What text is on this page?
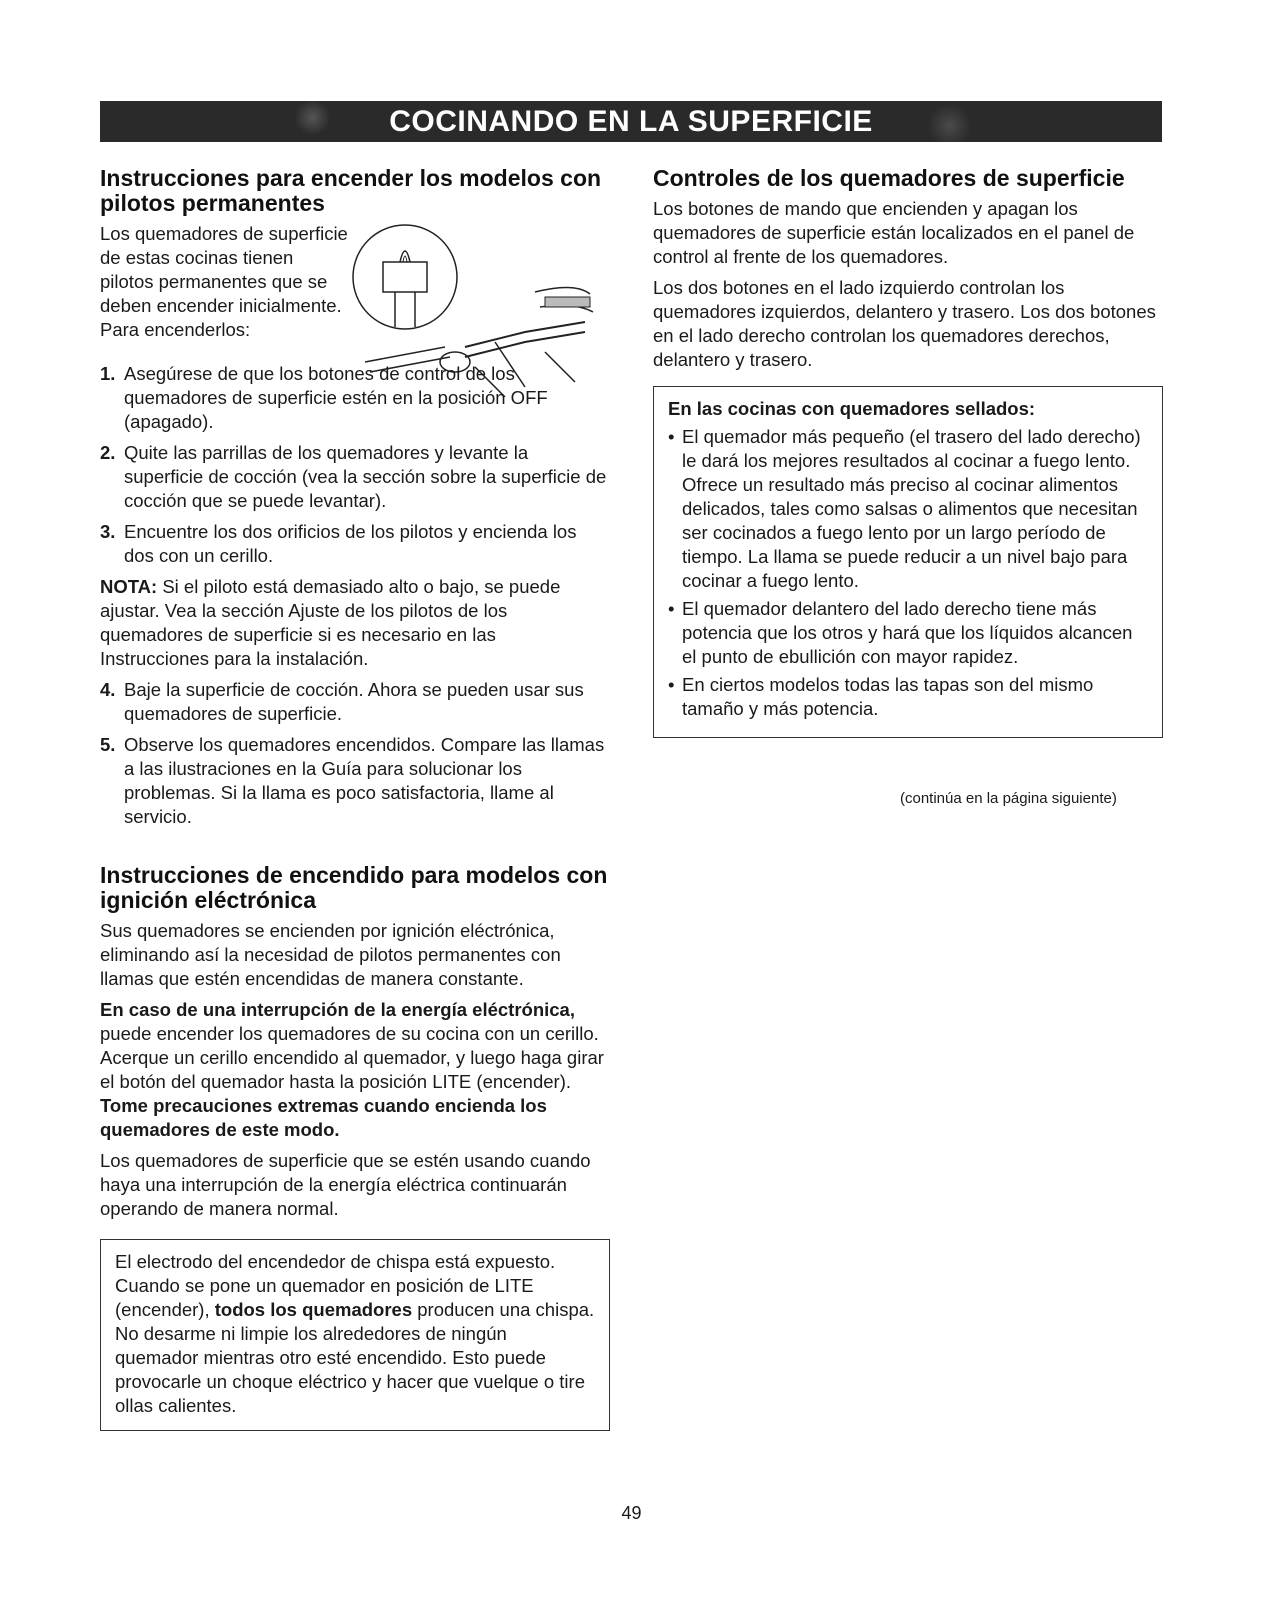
COCINANDO EN LA SUPERFICIE
Instrucciones para encender los modelos con pilotos permanentes

Los quemadores de superficie de estas cocinas tienen pilotos permanentes que se deben encender inicialmente. Para encenderlos:

1. Asegúrese de que los botones de control de los quemadores de superficie estén en la posición OFF (apagado).
2. Quite las parrillas de los quemadores y levante la superficie de cocción (vea la sección sobre la superficie de cocción que se puede levantar).
3. Encuentre los dos orificios de los pilotos y encienda los dos con un cerillo.

NOTA: Si el piloto está demasiado alto o bajo, se puede ajustar. Vea la sección Ajuste de los pilotos de los quemadores de superficie si es necesario en las Instrucciones para la instalación.

4. Baje la superficie de cocción. Ahora se pueden usar sus quemadores de superficie.
5. Observe los quemadores encendidos. Compare las llamas a las ilustraciones en la Guía para solucionar los problemas. Si la llama es poco satisfactoria, llame al servicio.
Instrucciones de encendido para modelos con ignición eléctrónica

Sus quemadores se encienden por ignición eléctrónica, eliminando así la necesidad de pilotos permanentes con llamas que estén encendidas de manera constante.

En caso de una interrupción de la energía eléctrónica, puede encender los quemadores de su cocina con un cerillo. Acerque un cerillo encendido al quemador, y luego haga girar el botón del quemador hasta la posición LITE (encender). Tome precauciones extremas cuando encienda los quemadores de este modo.

Los quemadores de superficie que se estén usando cuando haya una interrupción de la energía eléctrica continuarán operando de manera normal.

El electrodo del encendedor de chispa está expuesto. Cuando se pone un quemador en posición de LITE (encender), todos los quemadores producen una chispa. No desarme ni limpie los alrededores de ningún quemador mientras otro esté encendido. Esto puede provocarle un choque eléctrico y hacer que vuelque o tire ollas calientes.

Controles de los quemadores de superficie

Los botones de mando que encienden y apagan los quemadores de superficie están localizados en el panel de control al frente de los quemadores.

Los dos botones en el lado izquierdo controlan los quemadores izquierdos, delantero y trasero. Los dos botones en el lado derecho controlan los quemadores derechos, delantero y trasero.

En las cocinas con quemadores sellados:

• El quemador más pequeño (el trasero del lado derecho) le dará los mejores resultados al cocinar a fuego lento. Ofrece un resultado más preciso al cocinar alimentos delicados, tales como salsas o alimentos que necesitan ser cocinados a fuego lento por un largo período de tiempo. La llama se puede reducir a un nivel bajo para cocinar a fuego lento.
• El quemador delantero del lado derecho tiene más potencia que los otros y hará que los líquidos alcancen el punto de ebullición con mayor rapidez.
• En ciertos modelos todas las tapas son del mismo tamaño y más potencia.
(continúa en la página siguiente)
49
